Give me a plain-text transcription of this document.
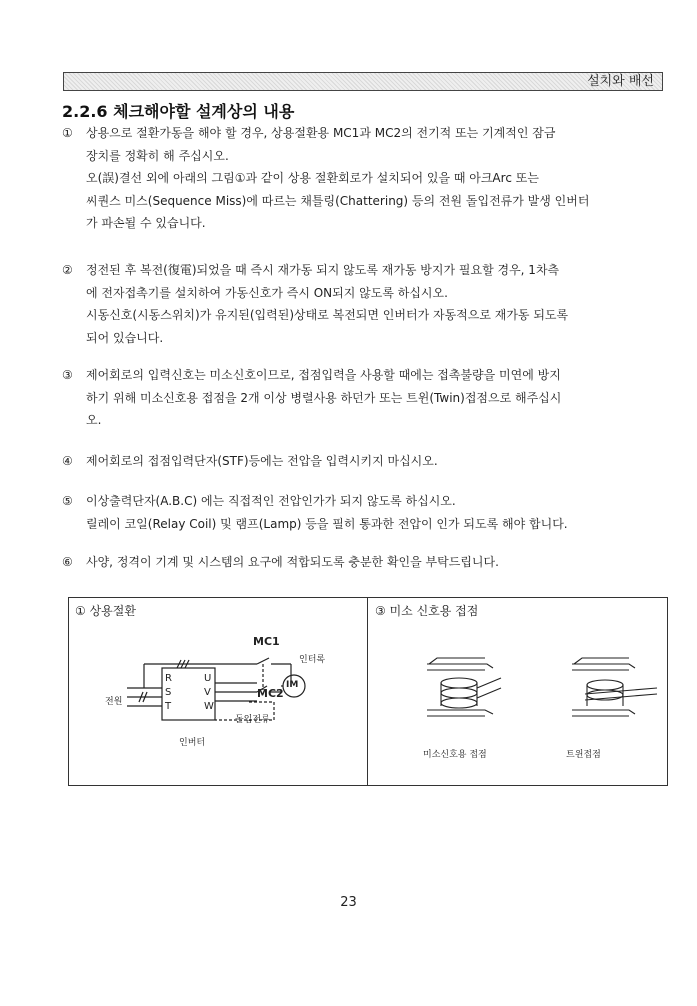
설치와 배선
2.2.6 체크해야할 설계상의 내용
①	상용으로 절환가동을 해야 할 경우, 상용절환용 MC1과 MC2의 전기적 또는 기계적인 잠금
장치를 정확히 해 주십시오.
오(誤)결선 외에 아래의 그림①과 같이 상용 절환회로가 설치되어 있을 때 아크Arc 또는
씨퀀스 미스(Sequence Miss)에 따르는 채틀링(Chattering) 등의 전원 돌입전류가 발생 인버터
가 파손될 수 있습니다.
②	정전된 후 복전(復電)되었을 때 즉시 재가동 되지 않도록 재가동 방지가 필요할 경우, 1차측
에 전자접촉기를 설치하여 가동신호가 즉시 ON되지 않도록 하십시오.
시동신호(시동스위치)가 유지된(입력된)상태로 복전되면 인버터가 자동적으로 재가동 되도록
되어 있습니다.
③	제어회로의 입력신호는 미소신호이므로, 접점입력을 사용할 때에는 접촉불량을 미연에 방지
하기 위해 미소신호용 접점을 2개 이상 병렬사용 하던가 또는 트윈(Twin)접점으로 해주십시
오.
④	제어회로의 접점입력단자(STF)등에는 전압을 입력시키지 마십시오.
⑤	이상출력단자(A.B.C) 에는 직접적인 전압인가가 되지 않도록 하십시오.
릴레이 코일(Relay Coil) 및 램프(Lamp) 등을 필히 통과한 전압이 인가 되도록 해야 합니다.
⑥	사양, 정격이 기계 및 시스템의 요구에 적합되도록 충분한 확인을 부탁드립니다.
① 상용절환	③ 미소 신호용 접점
MC1
MC2
IM
전원
인터록
돌입전류
인버터
R
S
T
U
V
W
미소신호용 접점	트윈접점
23
